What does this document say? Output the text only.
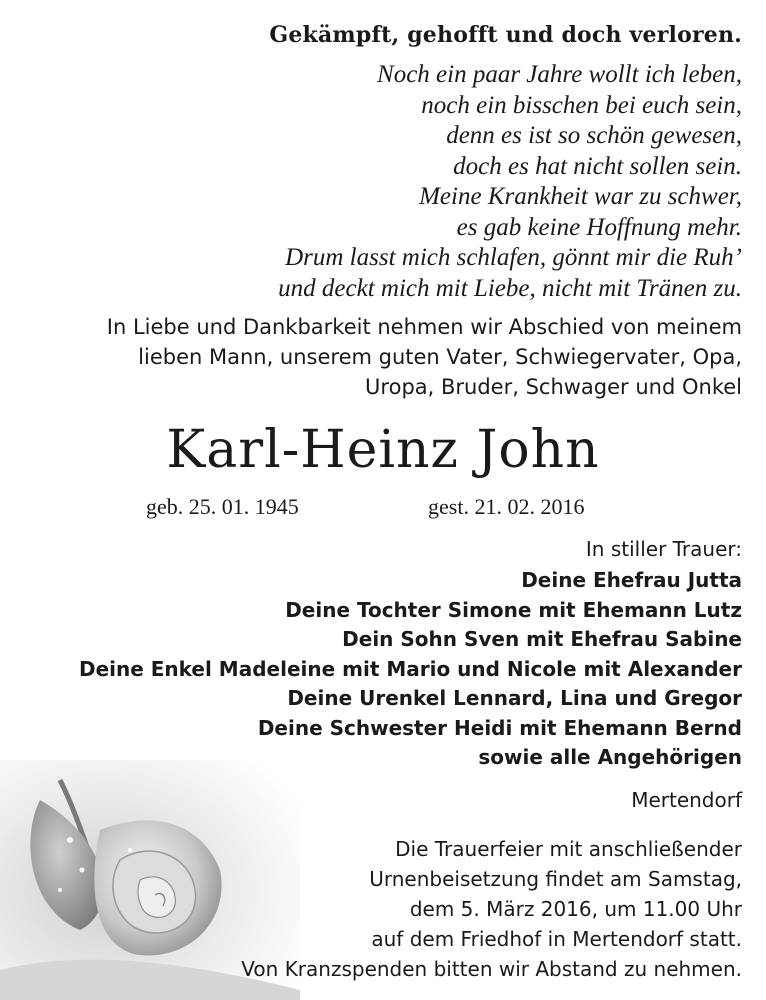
Gekämpft, gehofft und doch verloren.
Noch ein paar Jahre wollt ich leben,
noch ein bisschen bei euch sein,
denn es ist so schön gewesen,
doch es hat nicht sollen sein.
Meine Krankheit war zu schwer,
es gab keine Hoffnung mehr.
Drum lasst mich schlafen, gönnt mir die Ruh’
und deckt mich mit Liebe, nicht mit Tränen zu.
In Liebe und Dankbarkeit nehmen wir Abschied von meinem
lieben Mann, unserem guten Vater, Schwiegervater, Opa,
Uropa, Bruder, Schwager und Onkel
Karl-Heinz John
geb. 25. 01. 1945	gest. 21. 02. 2016
In stiller Trauer:
Deine Ehefrau Jutta
Deine Tochter Simone mit Ehemann Lutz
Dein Sohn Sven mit Ehefrau Sabine
Deine Enkel Madeleine mit Mario und Nicole mit Alexander
Deine Urenkel Lennard, Lina und Gregor
Deine Schwester Heidi mit Ehemann Bernd
sowie alle Angehörigen
Mertendorf
Die Trauerfeier mit anschließender
Urnenbeisetzung findet am Samstag,
dem 5. März 2016, um 11.00 Uhr
auf dem Friedhof in Mertendorf statt.
Von Kranzspenden bitten wir Abstand zu nehmen.
